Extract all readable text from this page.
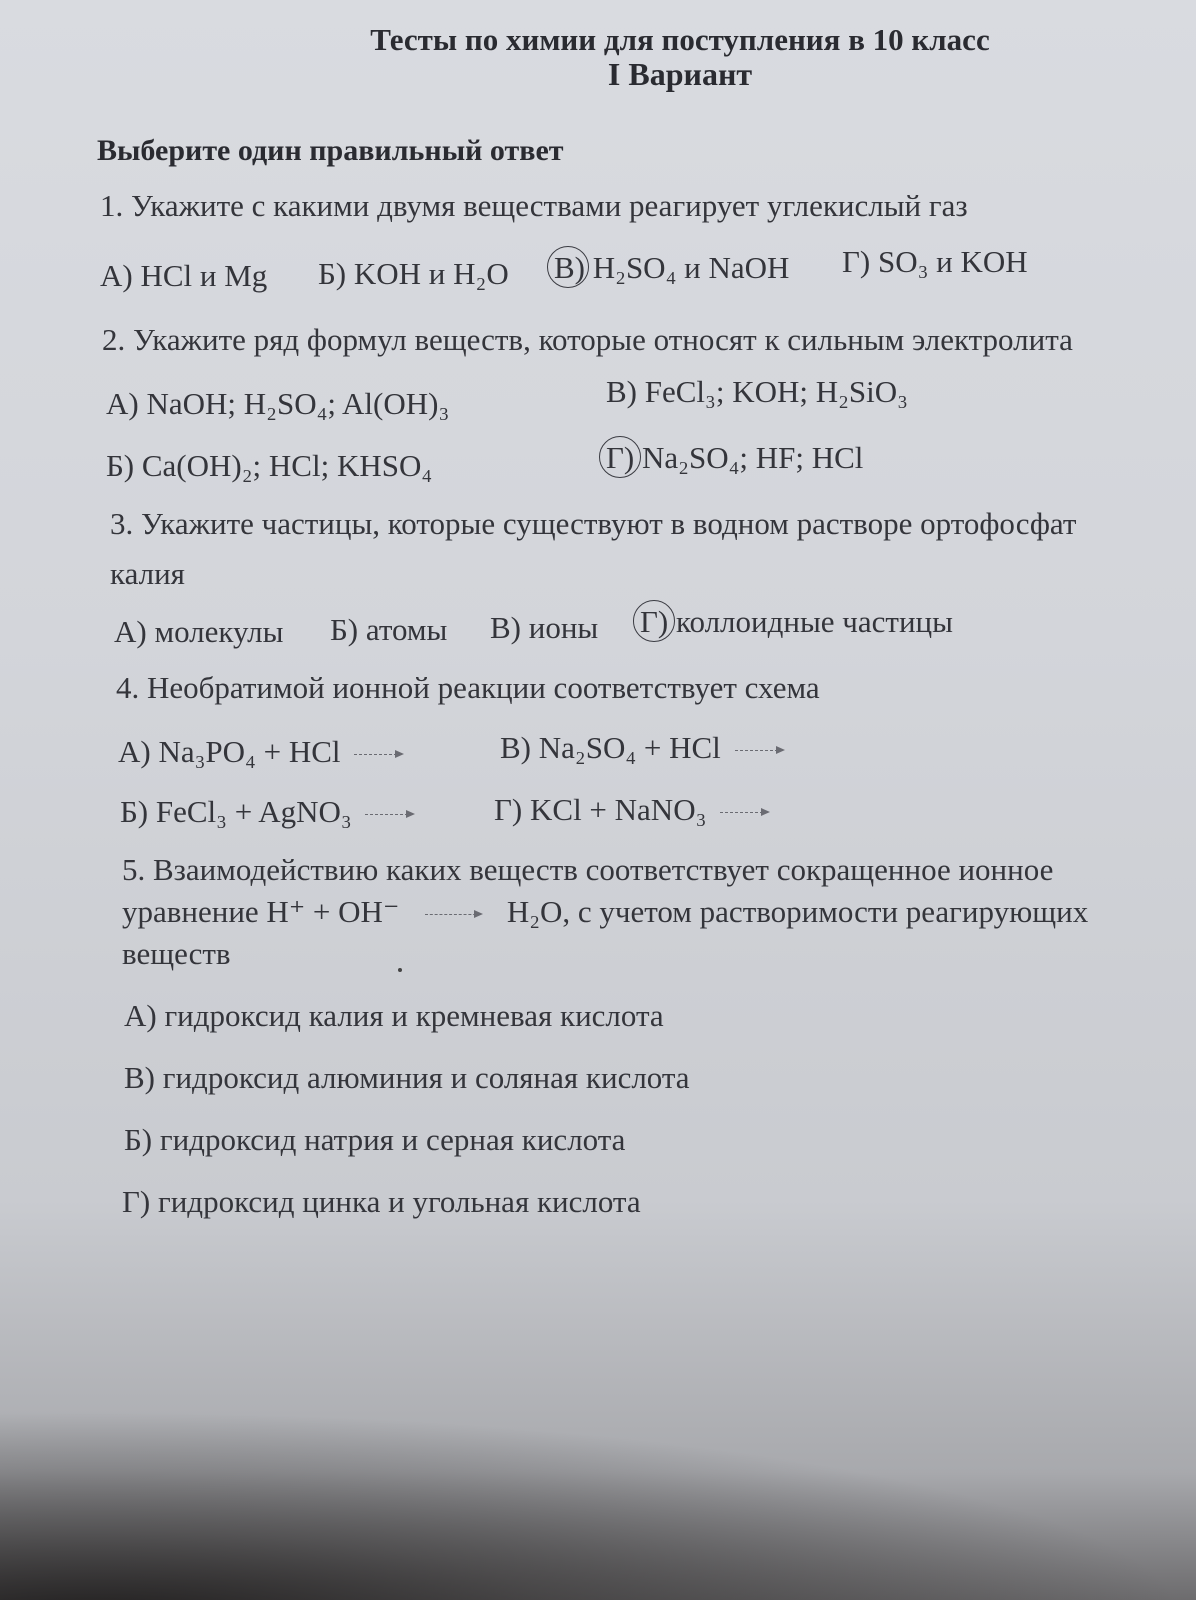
Тесты по химии для поступления в 10 класс
I Вариант
Выберите один правильный ответ
1. Укажите с какими двумя веществами реагирует углекислый газ
А) HCl и Mg Б) KOH и H₂O В) H₂SO₄ и NaOH Г) SO₃ и KOH
2. Укажите ряд формул веществ, которые относят к сильным электролита
А) NaOH; H₂SO₄; Al(OH)₃	В) FeCl₃; KOH; H₂SiO₃
Б) Ca(OH)₂; HCl; KHSO₄	Г) Na₂SO₄; HF; HCl
3. Укажите частицы, которые существуют в водном растворе ортофосфат
калия
А) молекулы Б) атомы В) ионы Г) коллоидные частицы
4. Необратимой ионной реакции соответствует схема
А) Na₃PO₄ + HCl →	В) Na₂SO₄ + HCl →
Б) FeCl₃ + AgNO₃ →	Г) KCl + NaNO₃ →
5. Взаимодействию каких веществ соответствует сокращенное ионное
уравнение H⁺ + OH⁻ → H₂O, с учетом растворимости реагирующих
веществ
А) гидроксид калия и кремневая кислота
В) гидроксид алюминия и соляная кислота
Б) гидроксид натрия и серная кислота
Г) гидроксид цинка и угольная кислота
